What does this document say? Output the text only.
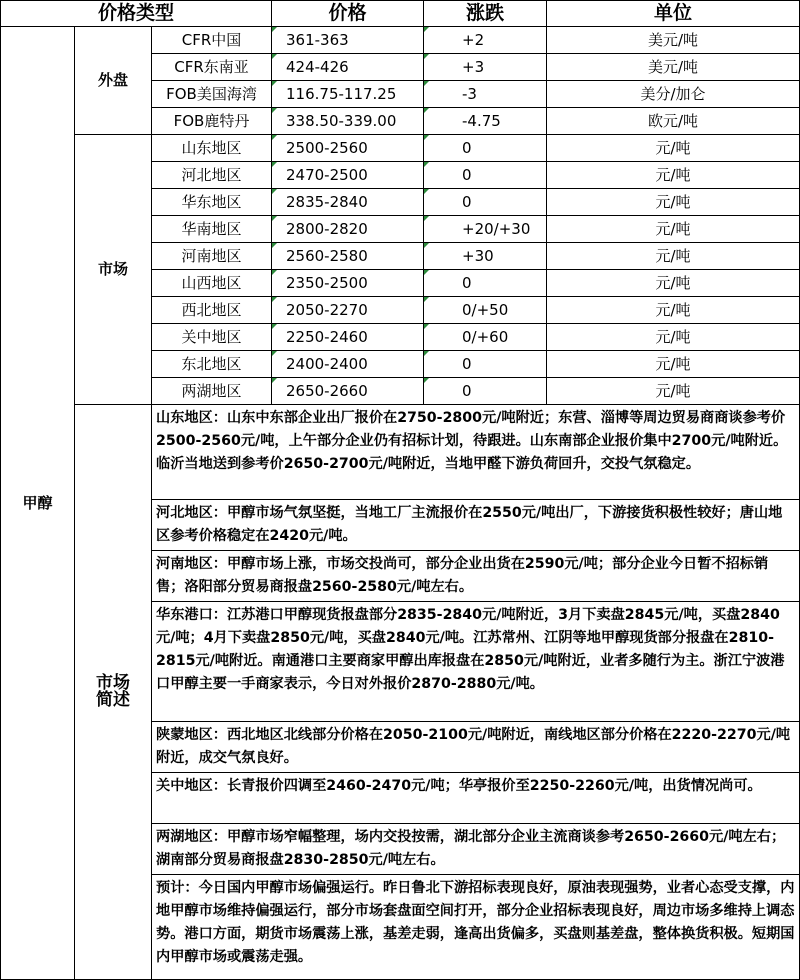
价格类型			价格	涨跌	单位
甲醇	外盘	CFR中国	361-363	+2	美元/吨
		CFR东南亚	424-426	+3	美元/吨
		FOB美国海湾	116.75-117.25	-3	美分/加仑
		FOB鹿特丹	338.50-339.00	-4.75	欧元/吨
	市场	山东地区	2500-2560	0	元/吨
		河北地区	2470-2500	0	元/吨
		华东地区	2835-2840	0	元/吨
		华南地区	2800-2820	+20/+30	元/吨
		河南地区	2560-2580	+30	元/吨
		山西地区	2350-2500	0	元/吨
		西北地区	2050-2270	0/+50	元/吨
		关中地区	2250-2460	0/+60	元/吨
		东北地区	2400-2400	0	元/吨
		两湖地区	2650-2660	0	元/吨
	市场
简述	山东地区：山东中东部企业出厂报价在2750-2800元/吨附近；东营、淄博等周边贸易商商谈参考价2500-2560元/吨，上午部分企业仍有招标计划，待跟进。山东南部企业报价集中2700元/吨附近。临沂当地送到参考价2650-2700元/吨附近，当地甲醛下游负荷回升，交投气氛稳定。			
		河北地区：甲醇市场气氛坚挺，当地工厂主流报价在2550元/吨出厂，下游接货积极性较好；唐山地区参考价格稳定在2420元/吨。			
		河南地区：甲醇市场上涨，市场交投尚可，部分企业出货在2590元/吨；部分企业今日暂不招标销售；洛阳部分贸易商报盘2560-2580元/吨左右。			
		华东港口：江苏港口甲醇现货报盘部分2835-2840元/吨附近，3月下卖盘2845元/吨，买盘2840元/吨；4月下卖盘2850元/吨，买盘2840元/吨。江苏常州、江阴等地甲醇现货部分报盘在2810-2815元/吨附近。南通港口主要商家甲醇出库报盘在2850元/吨附近，业者多随行为主。浙江宁波港口甲醇主要一手商家表示，今日对外报价2870-2880元/吨。			
		陕蒙地区：西北地区北线部分价格在2050-2100元/吨附近，南线地区部分价格在2220-2270元/吨附近，成交气氛良好。			
		关中地区：长青报价四调至2460-2470元/吨；华亭报价至2250-2260元/吨，出货情况尚可。			
		两湖地区：甲醇市场窄幅整理，场内交投按需，湖北部分企业主流商谈参考2650-2660元/吨左右；湖南部分贸易商报盘2830-2850元/吨左右。			
		预计：今日国内甲醇市场偏强运行。昨日鲁北下游招标表现良好，原油表现强势，业者心态受支撑，内地甲醇市场维持偏强运行，部分市场套盘面空间打开，部分企业招标表现良好，周边市场多维持上调态势。港口方面，期货市场震荡上涨，基差走弱，逢高出货偏多，买盘则基差盘，整体换货积极。短期国内甲醇市场或震荡走强。			
